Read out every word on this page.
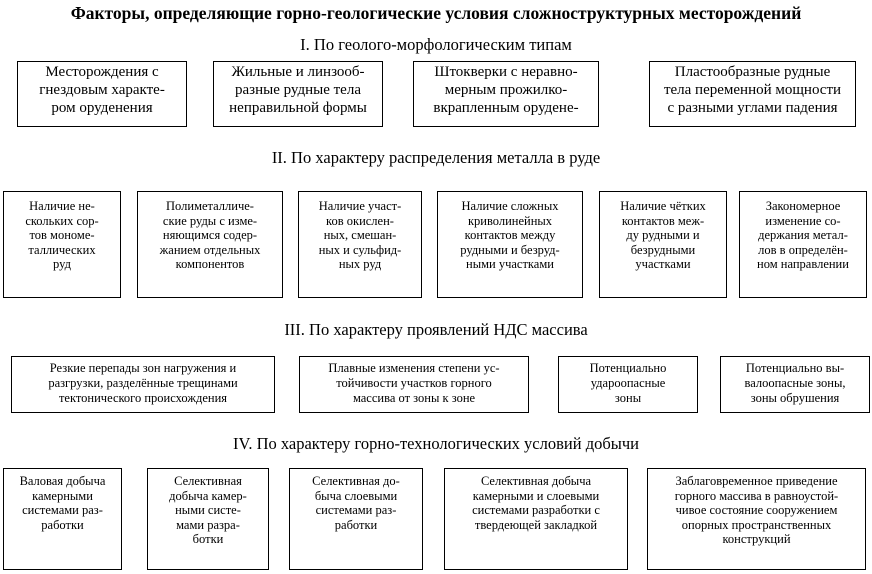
Факторы, определяющие горно-геологические условия сложноструктурных месторождений
I. По геолого-морфологическим типам
Месторождения с
гнездовым характе-
ром оруденения
Жильные и линзооб-
разные рудные тела
неправильной формы
Штокверки с неравно-
мерным прожилко-
вкрапленным орудене-
Пластообразные рудные
тела переменной мощности
с разными углами падения
II. По характеру распределения металла в руде
Наличие не-
скольких сор-
тов мономе-
таллических
руд
Полиметалличе-
ские руды с изме-
няющимся содер-
жанием отдельных
компонентов
Наличие участ-
ков окислен-
ных, смешан-
ных и сульфид-
ных руд
Наличие сложных
криволинейных
контактов между
рудными и безруд-
ными участками
Наличие чётких
контактов меж-
ду рудными и
безрудными
участками
Закономерное
изменение со-
держания метал-
лов в определён-
ном направлении
III. По характеру проявлений НДС массива
Резкие перепады зон нагружения и
разгрузки, разделённые трещинами
тектонического происхождения
Плавные изменения степени ус-
тойчивости участков горного
массива от зоны к зоне
Потенциально
удароопасные
зоны
Потенциально вы-
валоопасные зоны,
зоны обрушения
IV. По характеру горно-технологических условий добычи
Валовая добыча
камерными
системами раз-
работки
Селективная
добыча камер-
ными систе-
мами разра-
ботки
Селективная до-
быча слоевыми
системами раз-
работки
Селективная добыча
камерными и слоевыми
системами разработки с
твердеющей закладкой
Заблаговременное приведение
горного массива в равноустой-
чивое состояние сооружением
опорных пространственных
конструкций
